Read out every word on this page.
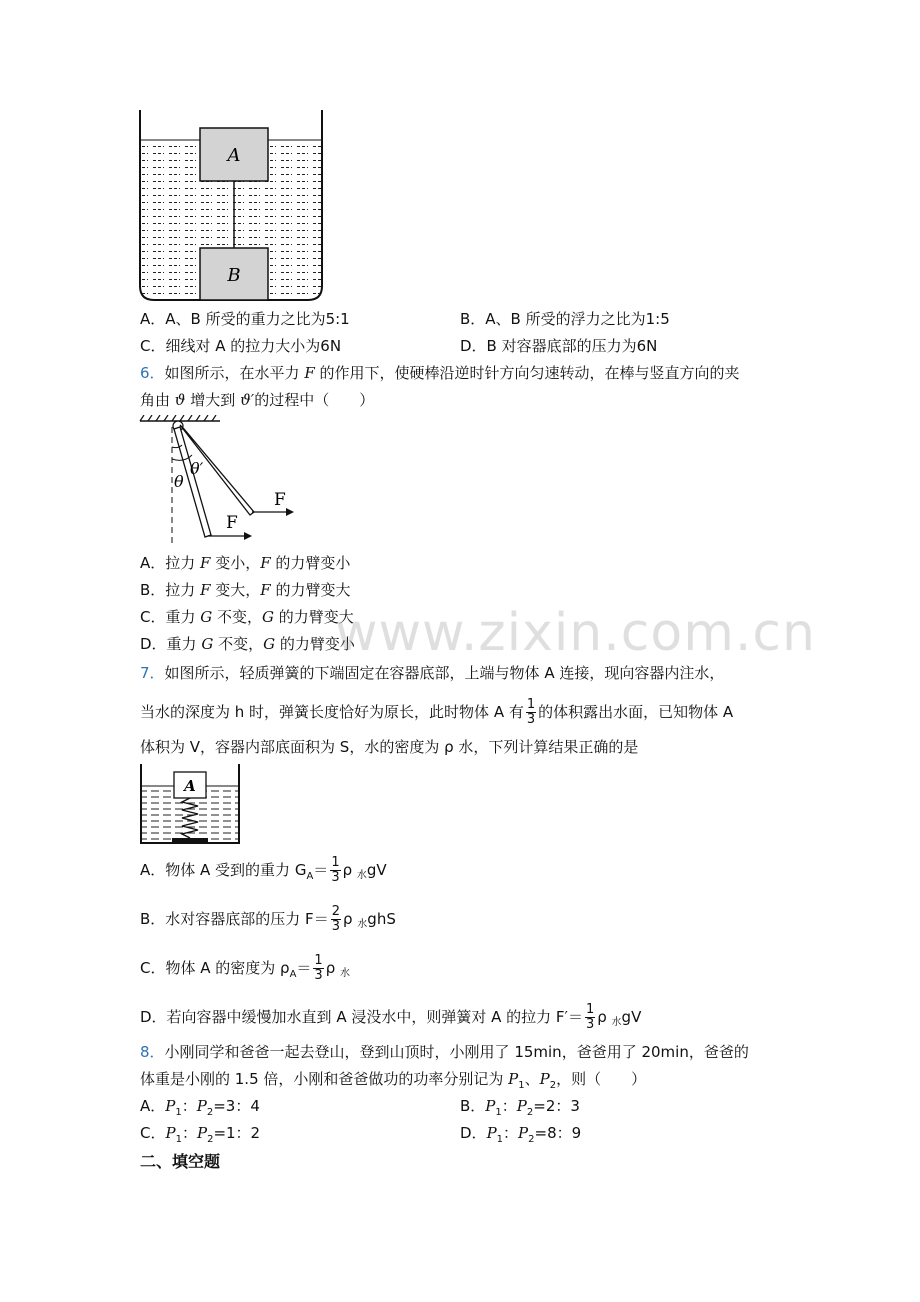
A
B
A．A、B 所受的重力之比为5:1	B．A、B 所受的浮力之比为1:5
C．细线对 A 的拉力大小为6N	D．B 对容器底部的压力为6N
6．如图所示，在水平力 F 的作用下，使硬棒沿逆时针方向匀速转动，在棒与竖直方向的夹
角由 ϑ 增大到 ϑ′的过程中（　　）
θ
θ′
F
F
A．拉力 F 变小，F 的力臂变小
B．拉力 F 变大，F 的力臂变大
C．重力 G 不变，G 的力臂变大
D．重力 G 不变，G 的力臂变小
www.zixin.com.cn
7．如图所示，轻质弹簧的下端固定在容器底部，上端与物体 A 连接，现向容器内注水，
当水的深度为 h 时，弹簧长度恰好为原长，此时物体 A 有 $\frac{1}{3}$ 的体积露出水面，已知物体 A
体积为 V，容器内部底面积为 S，水的密度为 ρ 水，下列计算结果正确的是
A
A．物体 A 受到的重力 $G_A= \frac{1}{3}$ ρ $_水$gV
B．水对容器底部的压力 $F= \frac{2}{3}$ ρ $_水$ghS
C．物体 A 的密度为 $\rho_A= \frac{1}{3}$ ρ $_水$
D．若向容器中缓慢加水直到 A 浸没水中，则弹簧对 A 的拉力 $F'= \frac{1}{3}$ ρ $_水$gV
8．小刚同学和爸爸一起去登山，登到山顶时，小刚用了 15min，爸爸用了 20min，爸爸的
体重是小刚的 1.5 倍，小刚和爸爸做功的功率分别记为 $P_1$、$P_2$，则（　　）
A．$P_1$：$P_2=3$：4	B．$P_1$：$P_2=2$：3
C．$P_1$：$P_2=1$：2	D．$P_1$：$P_2=8$：9
二、填空题
